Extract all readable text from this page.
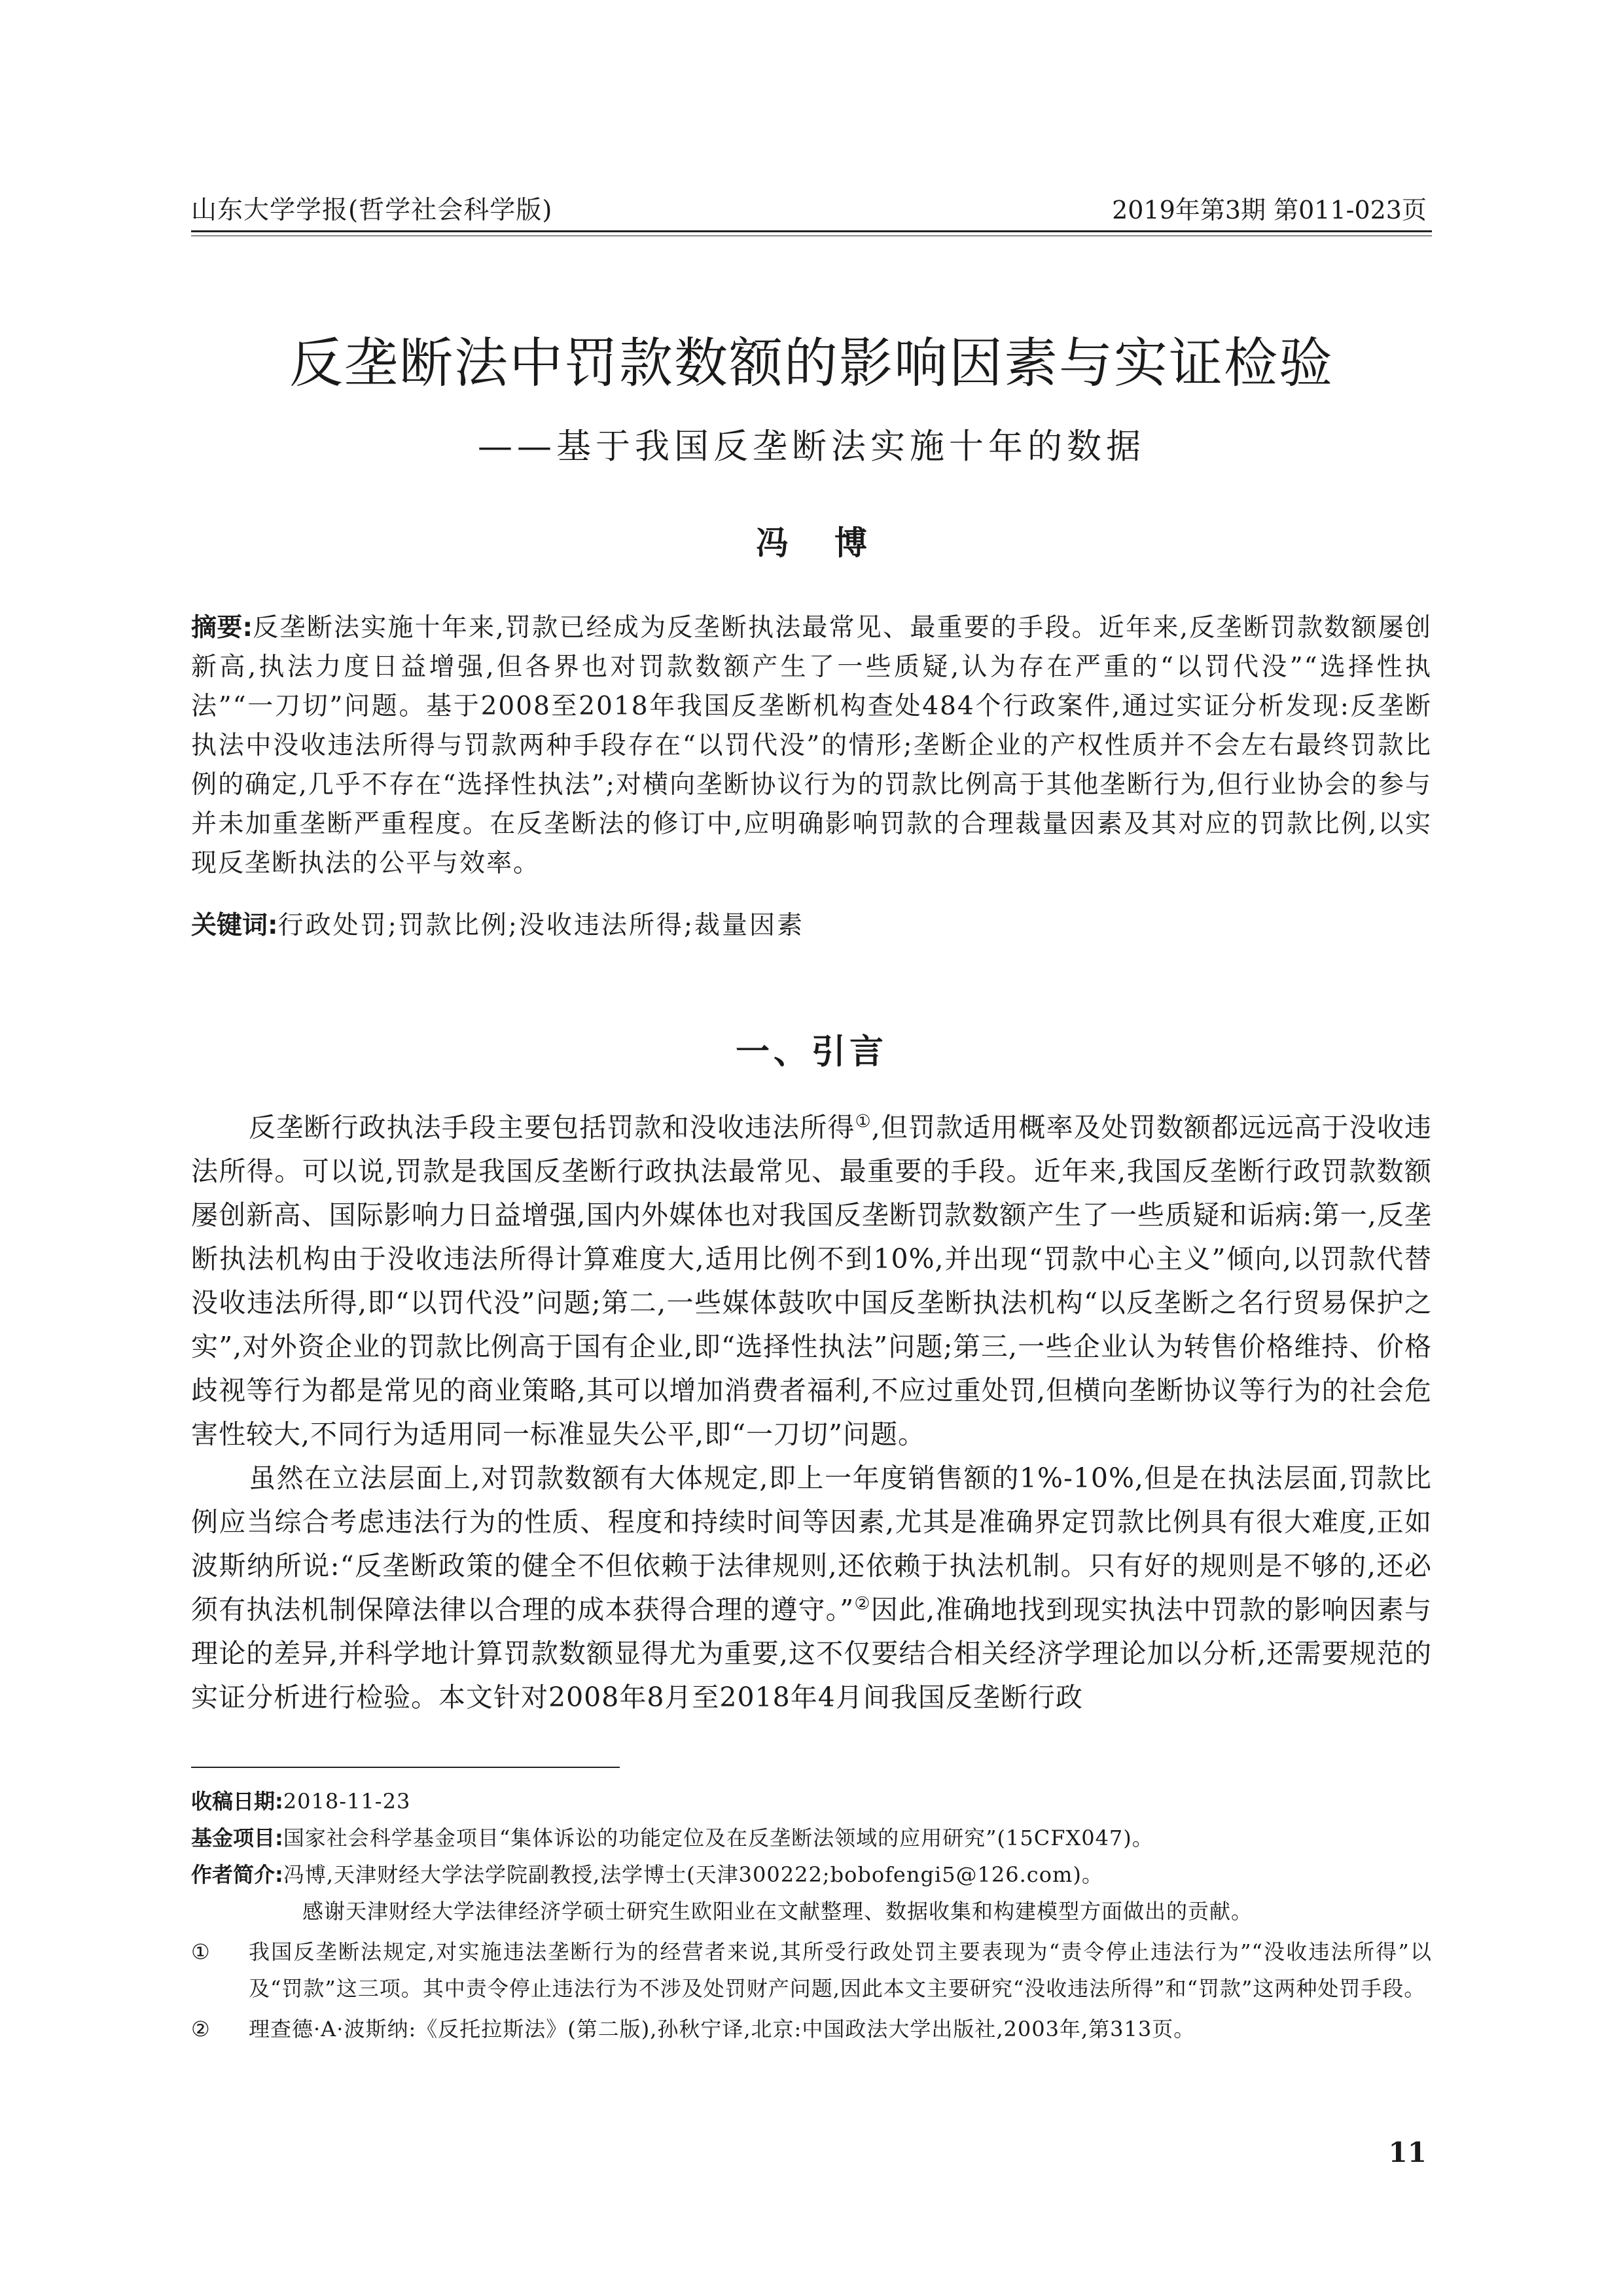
山东大学学报(哲学社会科学版)	2019年第3期 第011-023页
反垄断法中罚款数额的影响因素与实证检验
——基于我国反垄断法实施十年的数据
冯博
摘要:反垄断法实施十年来,罚款已经成为反垄断执法最常见、最重要的手段。近年来,反垄断罚款数额屡创新高,执法力度日益增强,但各界也对罚款数额产生了一些质疑,认为存在严重的“以罚代没”“选择性执法”“一刀切”问题。基于2008至2018年我国反垄断机构查处484个行政案件,通过实证分析发现:反垄断执法中没收违法所得与罚款两种手段存在“以罚代没”的情形;垄断企业的产权性质并不会左右最终罚款比例的确定,几乎不存在“选择性执法”;对横向垄断协议行为的罚款比例高于其他垄断行为,但行业协会的参与并未加重垄断严重程度。在反垄断法的修订中,应明确影响罚款的合理裁量因素及其对应的罚款比例,以实现反垄断执法的公平与效率。
关键词:行政处罚;罚款比例;没收违法所得;裁量因素
一、引言

反垄断行政执法手段主要包括罚款和没收违法所得①,但罚款适用概率及处罚数额都远远高于没收违法所得。可以说,罚款是我国反垄断行政执法最常见、最重要的手段。近年来,我国反垄断行政罚款数额屡创新高、国际影响力日益增强,国内外媒体也对我国反垄断罚款数额产生了一些质疑和诟病:第一,反垄断执法机构由于没收违法所得计算难度大,适用比例不到10%,并出现“罚款中心主义”倾向,以罚款代替没收违法所得,即“以罚代没”问题;第二,一些媒体鼓吹中国反垄断执法机构“以反垄断之名行贸易保护之实”,对外资企业的罚款比例高于国有企业,即“选择性执法”问题;第三,一些企业认为转售价格维持、价格歧视等行为都是常见的商业策略,其可以增加消费者福利,不应过重处罚,但横向垄断协议等行为的社会危害性较大,不同行为适用同一标准显失公平,即“一刀切”问题。

虽然在立法层面上,对罚款数额有大体规定,即上一年度销售额的1%-10%,但是在执法层面,罚款比例应当综合考虑违法行为的性质、程度和持续时间等因素,尤其是准确界定罚款比例具有很大难度,正如波斯纳所说:“反垄断政策的健全不但依赖于法律规则,还依赖于执法机制。只有好的规则是不够的,还必须有执法机制保障法律以合理的成本获得合理的遵守。”②因此,准确地找到现实执法中罚款的影响因素与理论的差异,并科学地计算罚款数额显得尤为重要,这不仅要结合相关经济学理论加以分析,还需要规范的实证分析进行检验。本文针对2008年8月至2018年4月间我国反垄断行政

收稿日期:2018-11-23
基金项目:国家社会科学基金项目“集体诉讼的功能定位及在反垄断法领域的应用研究”(15CFX047)。
作者简介:冯博,天津财经大学法学院副教授,法学博士(天津300222;bobofengi5@126.com)。
感谢天津财经大学法律经济学硕士研究生欧阳业在文献整理、数据收集和构建模型方面做出的贡献。
①	我国反垄断法规定,对实施违法垄断行为的经营者来说,其所受行政处罚主要表现为“责令停止违法行为”“没收违法所得”以及“罚款”这三项。其中责令停止违法行为不涉及处罚财产问题,因此本文主要研究“没收违法所得”和“罚款”这两种处罚手段。
②	理查德·A·波斯纳:《反托拉斯法》(第二版),孙秋宁译,北京:中国政法大学出版社,2003年,第313页。
11
